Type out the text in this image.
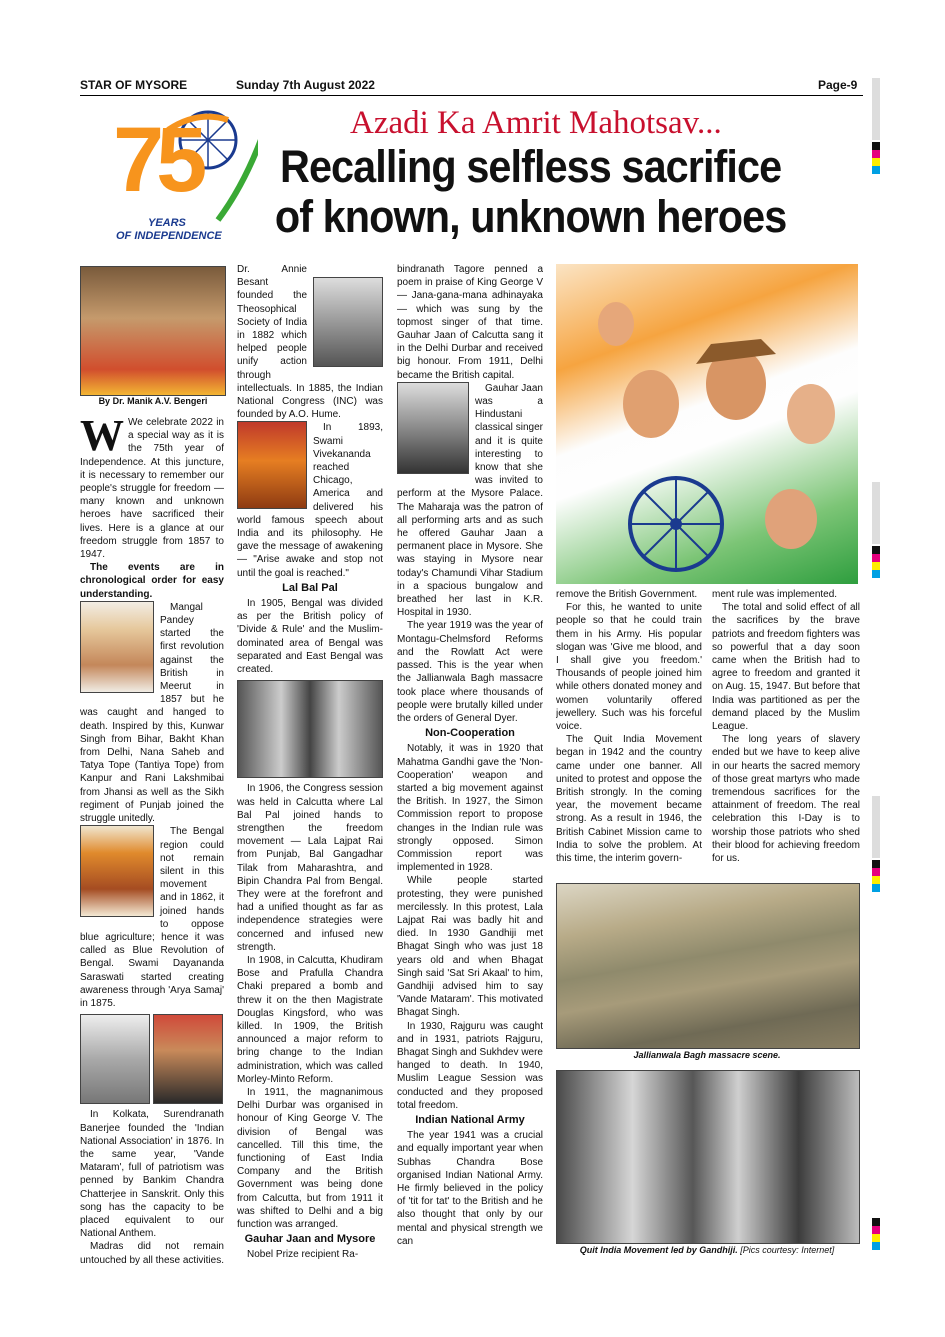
STAR OF MYSORE	Sunday 7th August 2022	Page-9
75
YEARS
OF INDEPENDENCE
Azadi Ka Amrit Mahotsav...
Recalling selfless sacrifice
of known, unknown heroes
By Dr. Manik A.V. Bengeri

W We celebrate 2022 in a special way as it is the 75th year of Independence. At this juncture, it is necessary to remember our people's struggle for freedom — many known and unknown heroes have sacrificed their lives. Here is a glance at our freedom struggle from 1857 to 1947.

The events are in chronological order for easy understanding.

Mangal Pandey started the first revolution against the British in Meerut in 1857 but he was caught and hanged to death. Inspired by this, Kunwar Singh from Bihar, Bakht Khan from Delhi, Nana Saheb and Tatya Tope (Tantiya Tope) from Kanpur and Rani Lakshmibai from Jhansi as well as the Sikh regiment of Punjab joined the struggle unitedly.

The Bengal region could not remain silent in this movement and in 1862, it joined hands to oppose blue agriculture; hence it was called as Blue Revolution of Bengal. Swami Dayananda Saraswati started creating awareness through 'Arya Samaj' in 1875.

In Kolkata, Surendranath Banerjee founded the 'Indian National Association' in 1876. In the same year, 'Vande Mataram', full of patriotism was penned by Bankim Chandra Chatterjee in Sanskrit. Only this song has the capacity to be placed equivalent to our National Anthem.

Madras did not remain untouched by all these activities.

Dr. Annie Besant founded the Theosophical Society of India in 1882 which helped people unify action through intellectuals. In 1885, the Indian National Congress (INC) was founded by A.O. Hume.

In 1893, Swami Vivekananda reached Chicago, America and delivered his world famous speech about India and its philosophy. He gave the message of awakening — "Arise awake and stop not until the goal is reached."

Lal Bal Pal

In 1905, Bengal was divided as per the British policy of 'Divide & Rule' and the Muslim-dominated area of Bengal was separated and East Bengal was created.

In 1906, the Congress session was held in Calcutta where Lal Bal Pal joined hands to strengthen the freedom movement — Lala Lajpat Rai from Punjab, Bal Gangadhar Tilak from Maharashtra, and Bipin Chandra Pal from Bengal. They were at the forefront and had a unified thought as far as independence strategies were concerned and infused new strength.

In 1908, in Calcutta, Khudiram Bose and Prafulla Chandra Chaki prepared a bomb and threw it on the then Magistrate Douglas Kingsford, who was killed. In 1909, the British announced a major reform to bring change to the Indian administration, which was called Morley-Minto Reform.

In 1911, the magnanimous Delhi Durbar was organised in honour of King George V. The division of Bengal was cancelled. Till this time, the functioning of East India Company and the British Government was being done from Calcutta, but from 1911 it was shifted to Delhi and a big function was arranged.

Gauhar Jaan and Mysore

Nobel Prize recipient Ra-

bindranath Tagore penned a poem in praise of King George V — Jana-gana-mana adhinayaka — which was sung by the topmost singer of that time. Gauhar Jaan of Calcutta sang it in the Delhi Durbar and received big honour. From 1911, Delhi became the British capital.

Gauhar Jaan was a Hindustani classical singer and it is quite interesting to know that she was invited to perform at the Mysore Palace. The Maharaja was the patron of all performing arts and as such he offered Gauhar Jaan a permanent place in Mysore. She was staying in Mysore near today's Chamundi Vihar Stadium in a spacious bungalow and breathed her last in K.R. Hospital in 1930.

The year 1919 was the year of Montagu-Chelmsford Reforms and the Rowlatt Act were passed. This is the year when the Jallianwala Bagh massacre took place where thousands of people were brutally killed under the orders of General Dyer.

Non-Cooperation

Notably, it was in 1920 that Mahatma Gandhi gave the 'Non-Cooperation' weapon and started a big movement against the British. In 1927, the Simon Commission report to propose changes in the Indian rule was strongly opposed. Simon Commission report was implemented in 1928.

While people started protesting, they were punished mercilessly. In this protest, Lala Lajpat Rai was badly hit and died. In 1930 Gandhiji met Bhagat Singh who was just 18 years old and when Bhagat Singh said 'Sat Sri Akaal' to him, Gandhiji advised him to say 'Vande Mataram'. This motivated Bhagat Singh.

In 1930, Rajguru was caught and in 1931, patriots Rajguru, Bhagat Singh and Sukhdev were hanged to death. In 1940, Muslim League Session was conducted and they proposed total freedom.

Indian National Army

The year 1941 was a crucial and equally important year when Subhas Chandra Bose organised Indian National Army. He firmly believed in the policy of 'tit for tat' to the British and he also thought that only by our mental and physical strength we can

remove the British Government.

For this, he wanted to unite people so that he could train them in his Army. His popular slogan was 'Give me blood, and I shall give you freedom.' Thousands of people joined him while others donated money and women voluntarily offered jewellery. Such was his forceful voice.

The Quit India Movement began in 1942 and the country came under one banner. All united to protest and oppose the British strongly. In the coming year, the movement became strong. As a result in 1946, the British Cabinet Mission came to India to solve the problem. At this time, the interim govern-

ment rule was implemented.

The total and solid effect of all the sacrifices by the brave patriots and freedom fighters was so powerful that a day soon came when the British had to agree to freedom and granted it on Aug. 15, 1947. But before that India was partitioned as per the demand placed by the Muslim League.

The long years of slavery ended but we have to keep alive in our hearts the sacred memory of those great martyrs who made tremendous sacrifices for the attainment of freedom. The real celebration this I-Day is to worship those patriots who shed their blood for achieving freedom for us.

Jallianwala Bagh massacre scene.
Quit India Movement led by Gandhiji. [Pics courtesy: Internet]
